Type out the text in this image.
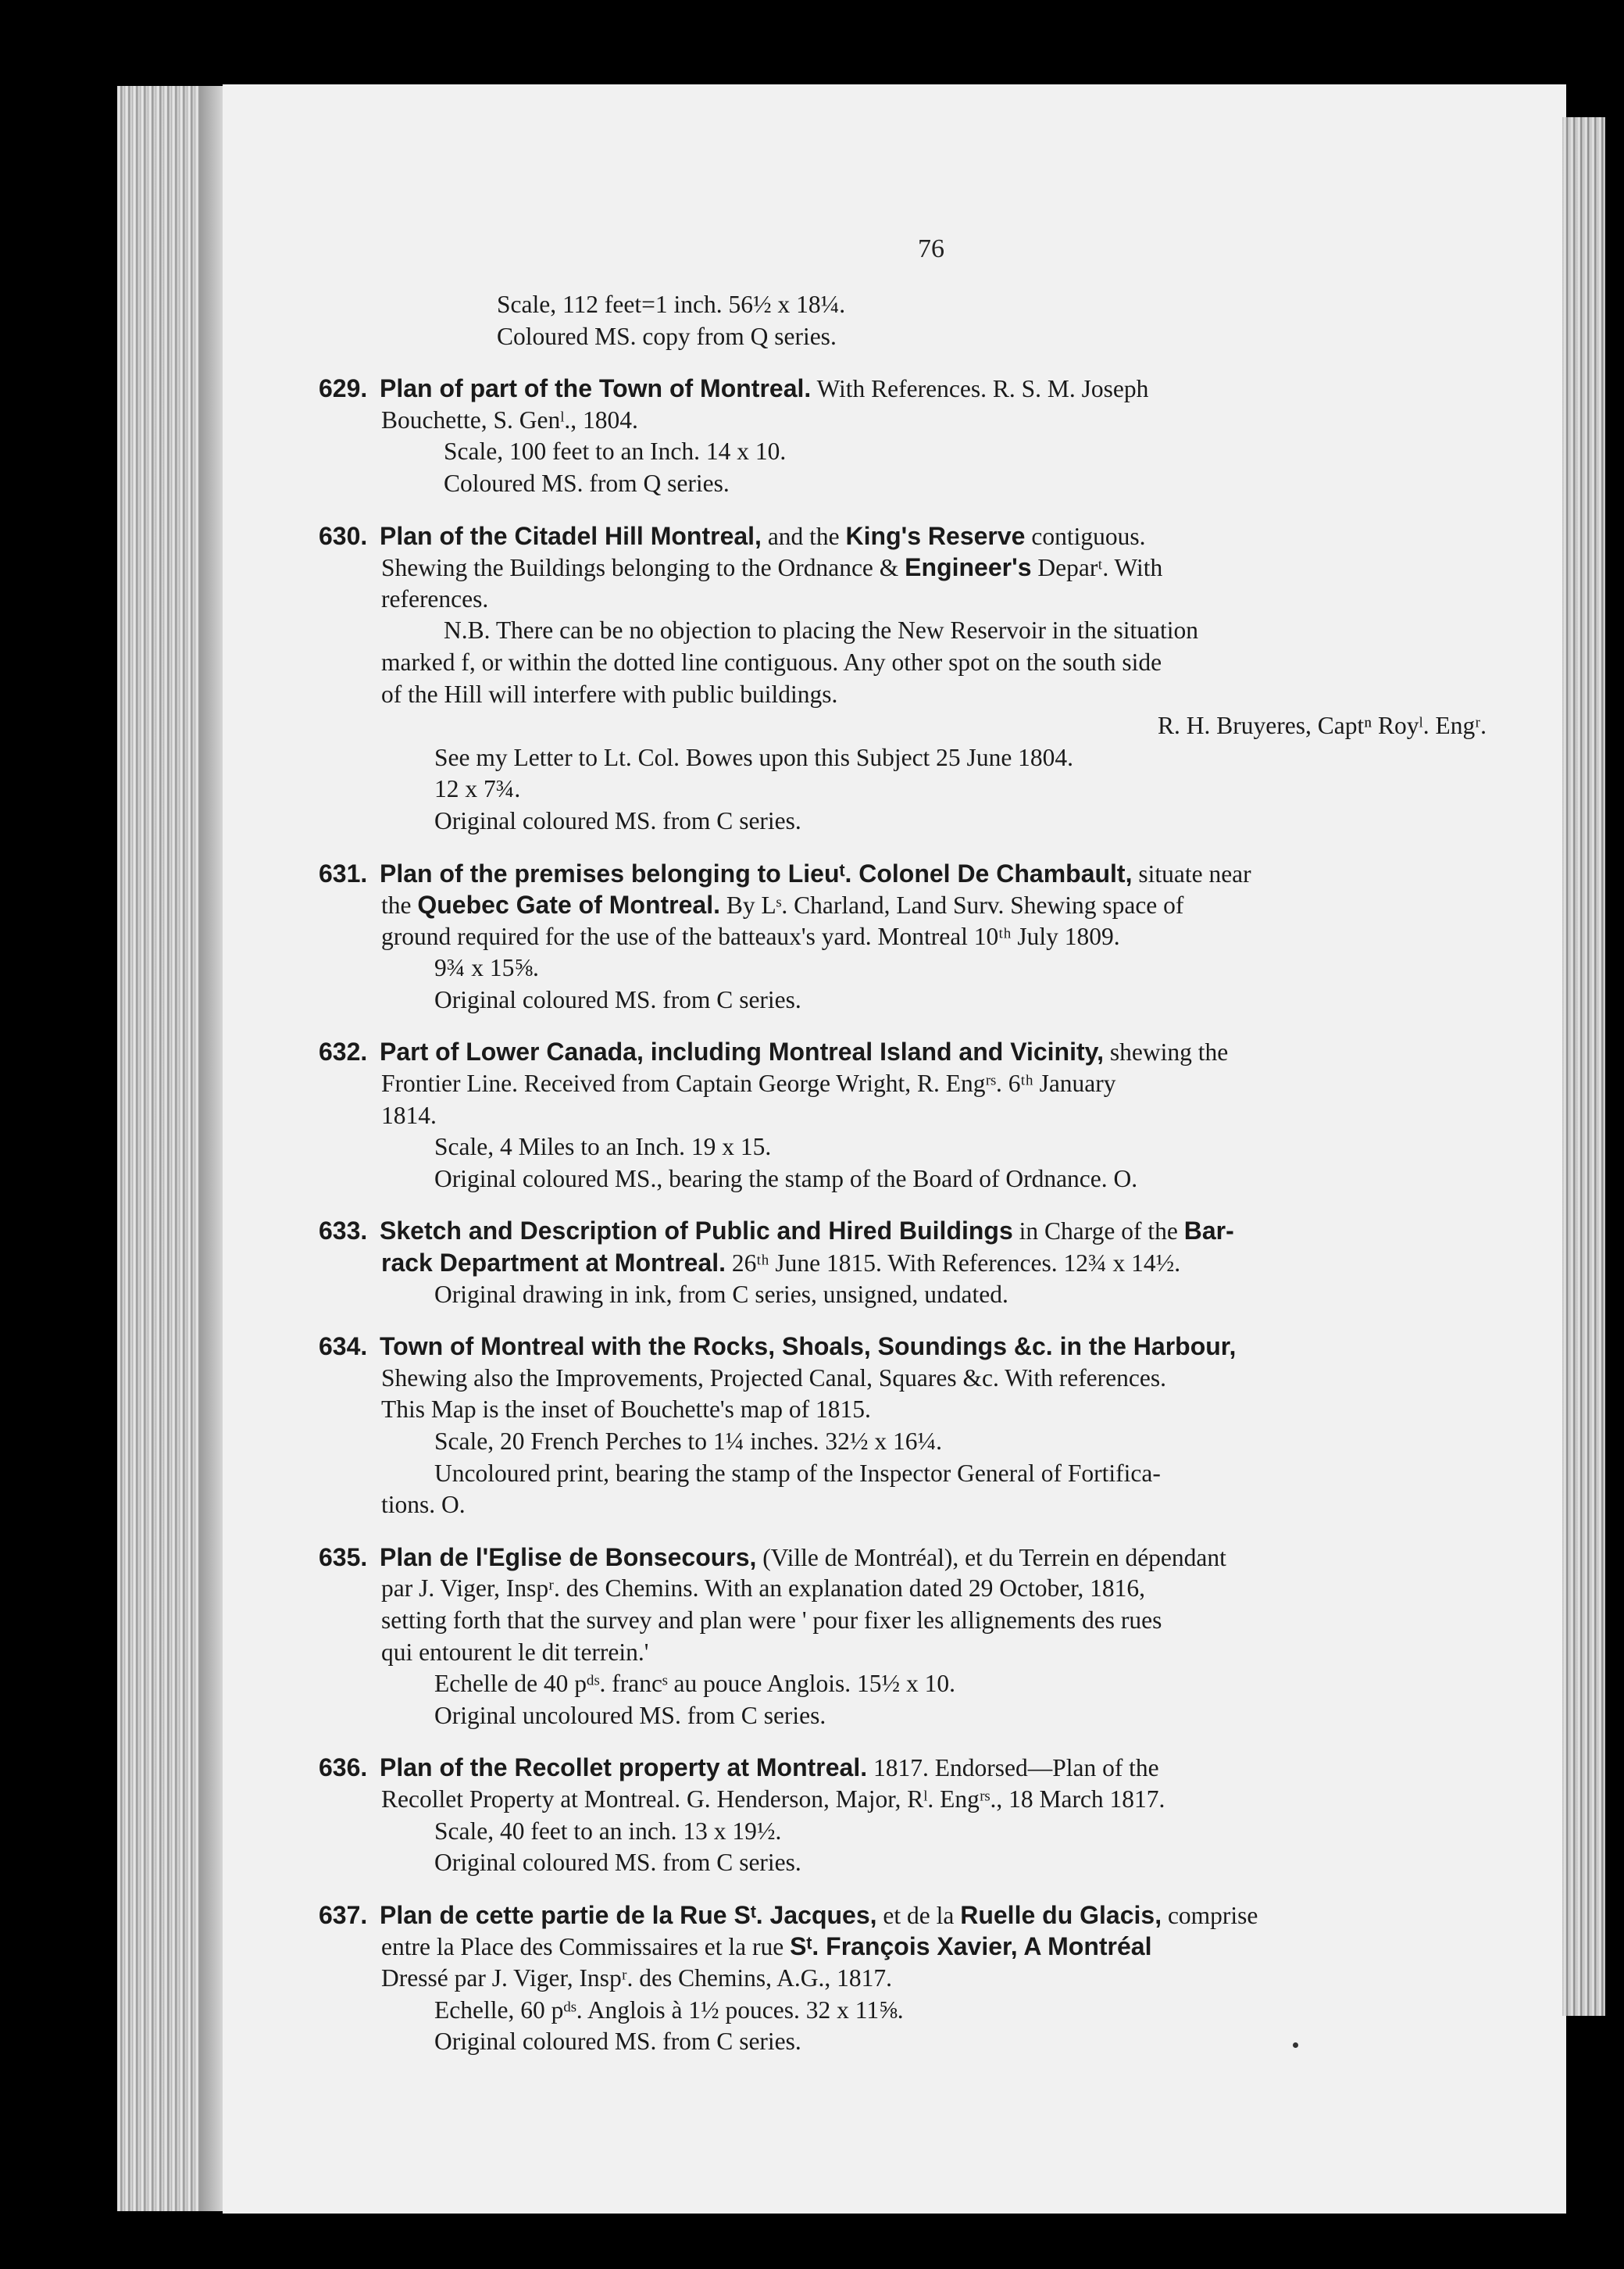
76
Scale, 112 feet=1 inch. 56½ x 18¼.
Coloured MS. copy from Q series.
629. Plan of part of the Town of Montreal. With References. R. S. M. Joseph
Bouchette, S. Genˡ., 1804.
Scale, 100 feet to an Inch. 14 x 10.
Coloured MS. from Q series.
630. Plan of the Citadel Hill Montreal, and the King's Reserve contiguous.
Shewing the Buildings belonging to the Ordnance & Engineer's Deparᵗ. With
references.
N.B. There can be no objection to placing the New Reservoir in the situation
marked f, or within the dotted line contiguous. Any other spot on the south side
of the Hill will interfere with public buildings.
R. H. Bruyeres, Captⁿ Royˡ. Engʳ.
See my Letter to Lt. Col. Bowes upon this Subject 25 June 1804.
12 x 7¾.
Original coloured MS. from C series.
631. Plan of the premises belonging to Lieuᵗ. Colonel De Chambault, situate near
the Quebec Gate of Montreal. By Lˢ. Charland, Land Surv. Shewing space of
ground required for the use of the batteaux's yard. Montreal 10ᵗʰ July 1809.
9¾ x 15⅝.
Original coloured MS. from C series.
632. Part of Lower Canada, including Montreal Island and Vicinity, shewing the
Frontier Line. Received from Captain George Wright, R. Engʳˢ. 6ᵗʰ January
1814.
Scale, 4 Miles to an Inch. 19 x 15.
Original coloured MS., bearing the stamp of the Board of Ordnance. O.
633. Sketch and Description of Public and Hired Buildings in Charge of the Bar-
rack Department at Montreal. 26ᵗʰ June 1815. With References. 12¾ x 14½.
Original drawing in ink, from C series, unsigned, undated.
634. Town of Montreal with the Rocks, Shoals, Soundings &c. in the Harbour,
Shewing also the Improvements, Projected Canal, Squares &c. With references.
This Map is the inset of Bouchette's map of 1815.
Scale, 20 French Perches to 1¼ inches. 32½ x 16¼.
Uncoloured print, bearing the stamp of the Inspector General of Fortifica-
tions. O.
635. Plan de l'Eglise de Bonsecours, (Ville de Montréal), et du Terrein en dépendant
par J. Viger, Inspʳ. des Chemins. With an explanation dated 29 October, 1816,
setting forth that the survey and plan were ' pour fixer les allignements des rues
qui entourent le dit terrein.'
Echelle de 40 pᵈˢ. francˢ au pouce Anglois. 15½ x 10.
Original uncoloured MS. from C series.
636. Plan of the Recollet property at Montreal. 1817. Endorsed—Plan of the
Recollet Property at Montreal. G. Henderson, Major, Rˡ. Engʳˢ., 18 March 1817.
Scale, 40 feet to an inch. 13 x 19½.
Original coloured MS. from C series.
637. Plan de cette partie de la Rue Sᵗ. Jacques, et de la Ruelle du Glacis, comprise
entre la Place des Commissaires et la rue Sᵗ. François Xavier, A Montréal
Dressé par J. Viger, Inspʳ. des Chemins, A.G., 1817.
Echelle, 60 pᵈˢ. Anglois à 1½ pouces. 32 x 11⅝.
Original coloured MS. from C series.
